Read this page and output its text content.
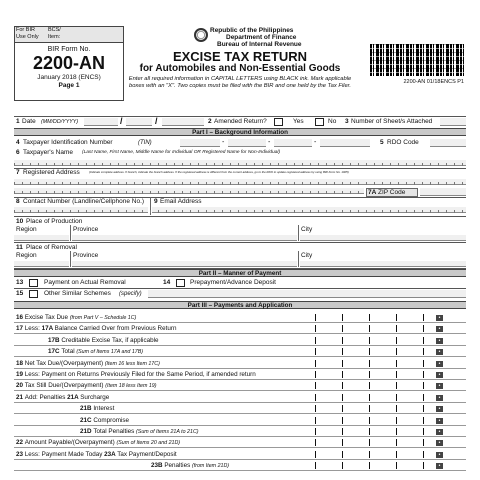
For BIR
Use Only
BCS/
Item:
BIR Form No.
2200-AN
January 2018 (ENCS)
Page 1
Republic of the Philippines
Department of Finance
Bureau of Internal Revenue
EXCISE TAX RETURN
for Automobiles and Non-Essential Goods
Enter all required information in CAPITAL LETTERS using BLACK ink. Mark applicable
boxes with an "X". Two copies must be filed with the BIR and one held by the Tax Filer.
2200-AN 01/18ENCS P1
1 Date (MM/DD/YYYY)	/	/	2 Amended Return?	Yes	No 3 Number of Sheet/s Attached
Part I – Background Information
4 Taxpayer Identification Number	(TIN)	-	-	-	5 RDO Code
6 Taxpayer's Name (Last Name, First Name, Middle Name for Individual OR Registered Name for Non-Individual)
7 Registered Address	(Indicate complete address. If branch, indicate the branch address. If the registered address is different from the current address, go to the RDO to update registered address by using BIR Form No. 1905)
7A ZIP Code
8 Contact Number (Landline/Cellphone No.) 9 Email Address
10 Place of Production
Region	Province	City
11 Place of Removal
Region	Province	City
Part II – Manner of Payment
13	Payment on Actual Removal	14	Prepayment/Advance Deposit
15	Other Similar Schemes (specify)
Part III – Payments and Application
16 Excise Tax Due (from Part V – Schedule 1C)	•
17 Less: 17A Balance Carried Over from Previous Return	•
17B Creditable Excise Tax, if applicable	•
17C Total (Sum of Items 17A and 17B)	•
18 Net Tax Due/(Overpayment) (Item 16 less Item 17C)	•
19 Less: Payment on Returns Previously Filed for the Same Period, if amended return	•
20 Tax Still Due/(Overpayment) (Item 18 less Item 19)	•
21 Add: Penalties 21A Surcharge	•
21B Interest	•
21C Compromise	•
21D Total Penalties (Sum of Items 21A to 21C)	•
22 Amount Payable/(Overpayment) (Sum of Items 20 and 21D)	•
23 Less: Payment Made Today 23A Tax Payment/Deposit	•
23B Penalties (from Item 21D)	•
